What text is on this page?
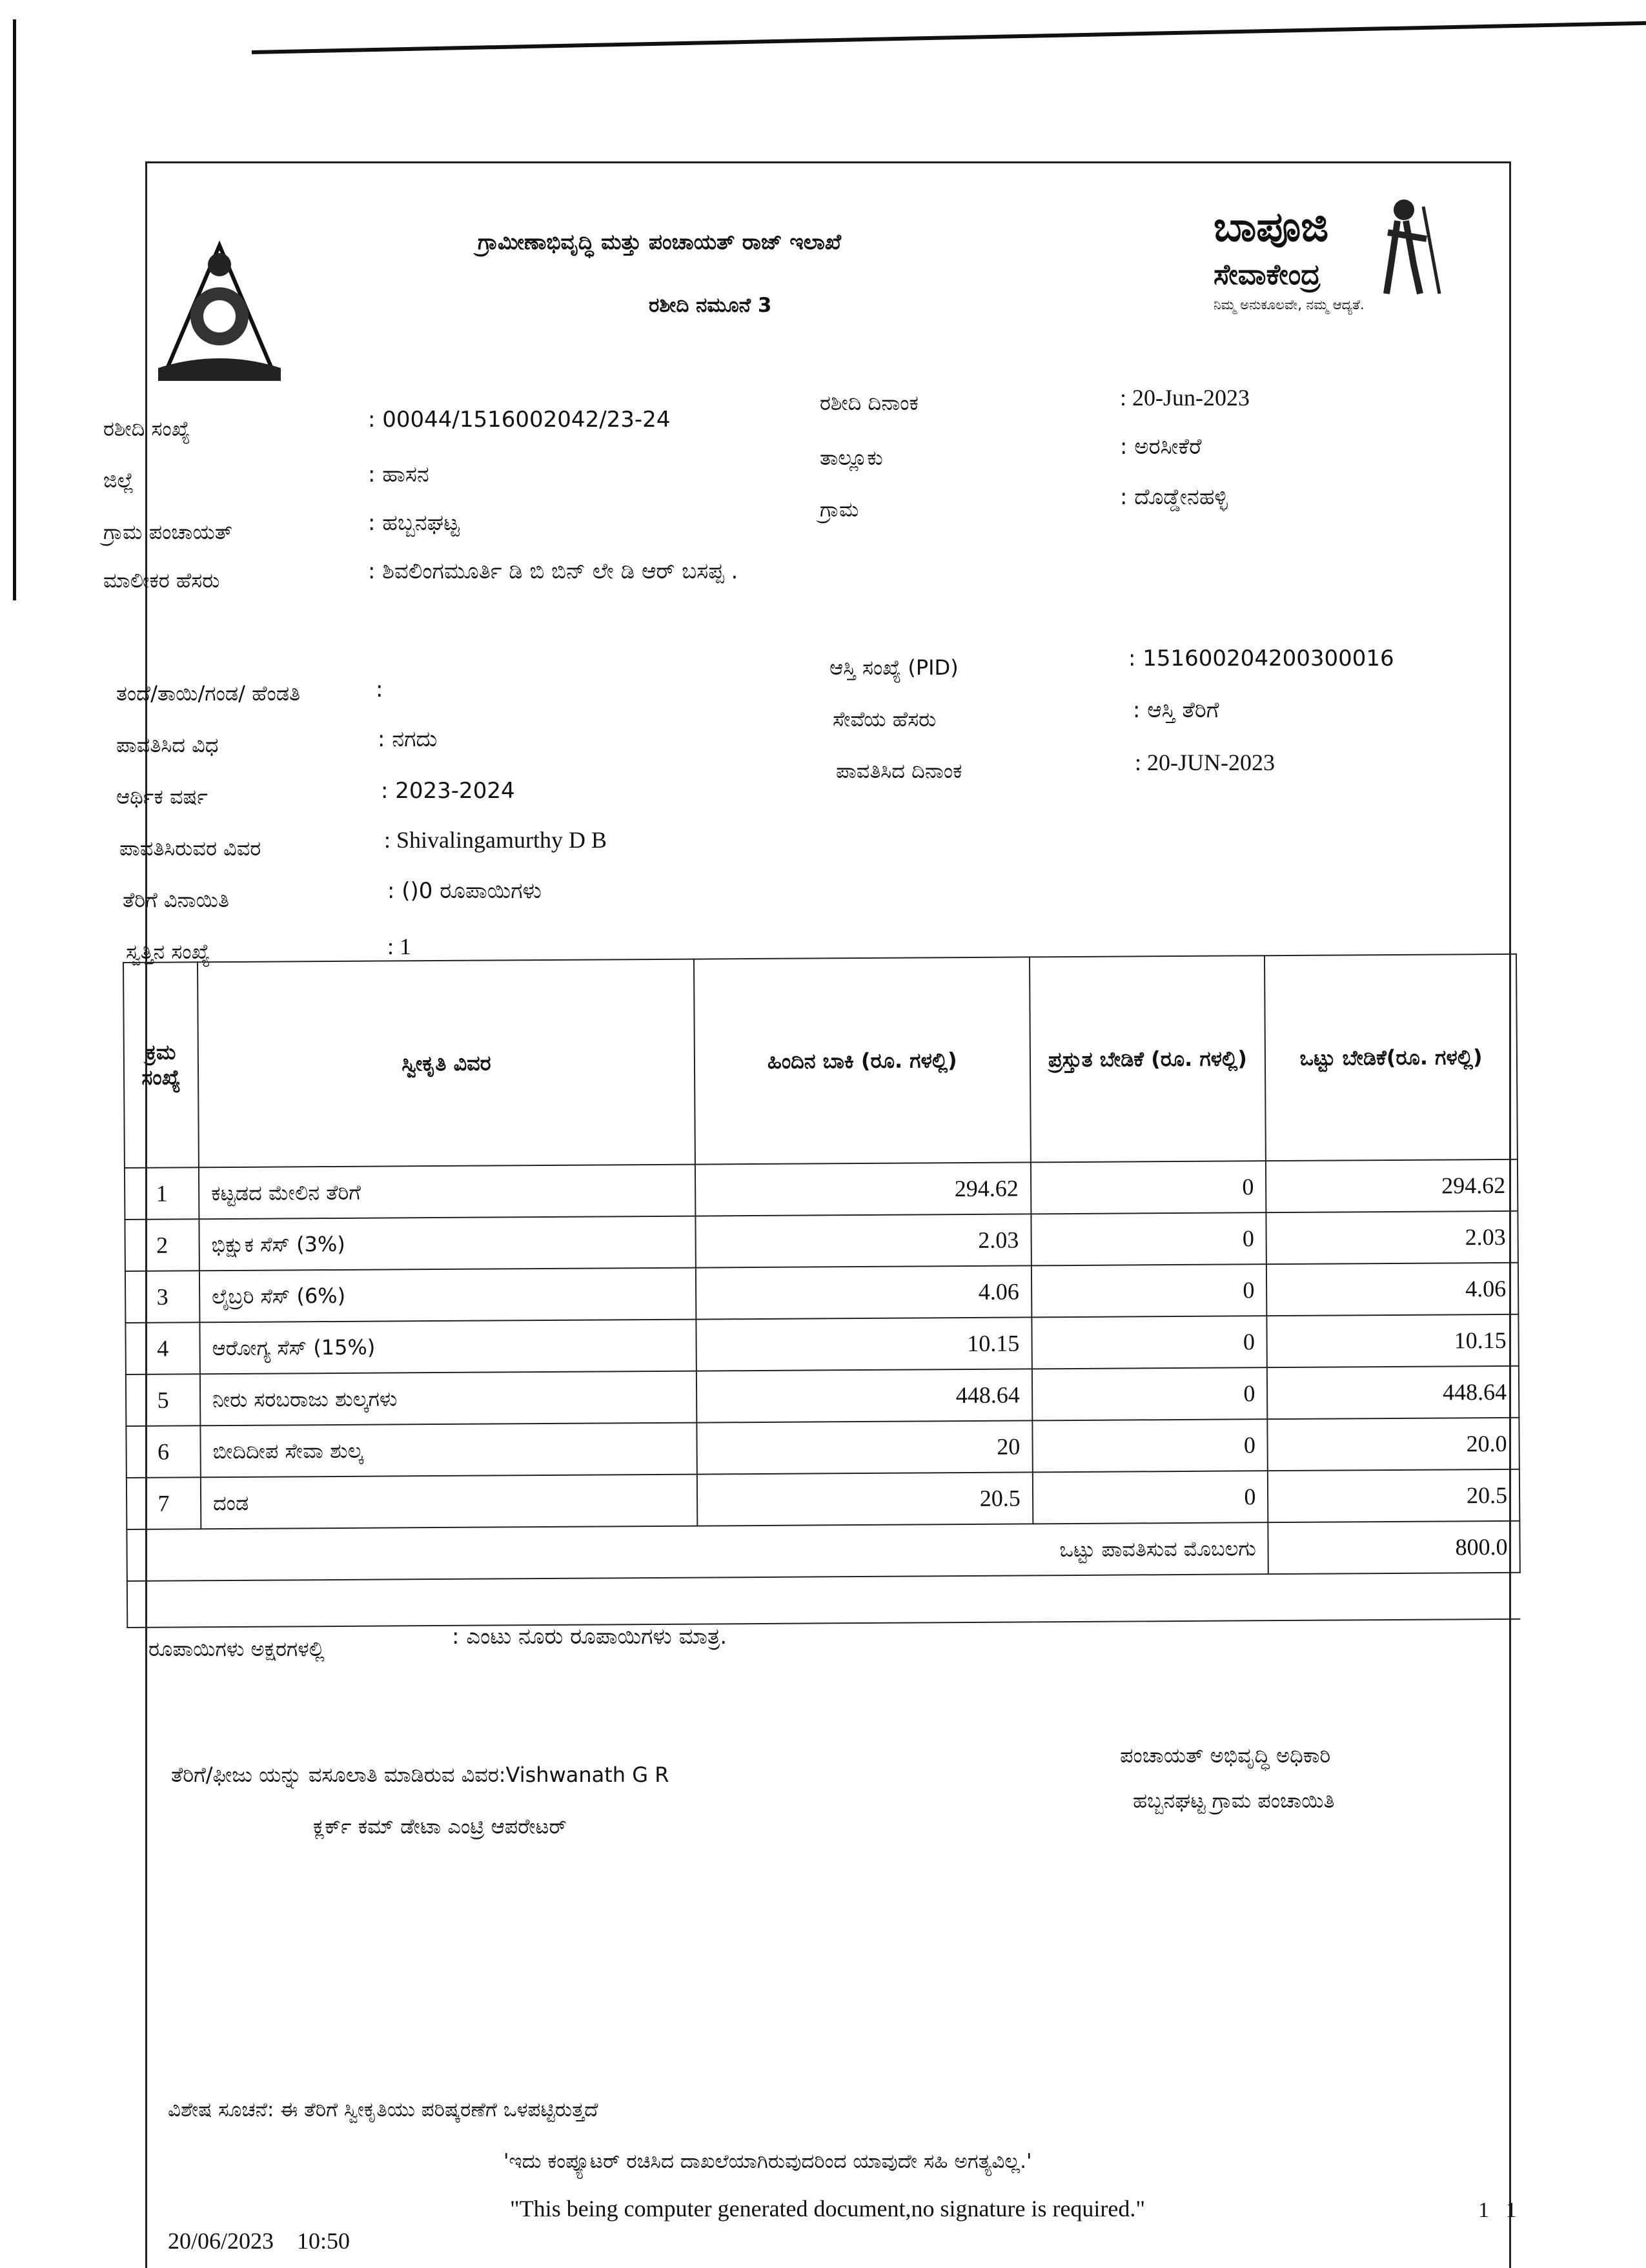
ಗ್ರಾಮೀಣಾಭಿವೃದ್ಧಿ ಮತ್ತು ಪಂಚಾಯತ್ ರಾಜ್ ಇಲಾಖೆ
ರಶೀದಿ ನಮೂನೆ 3
ಬಾಪೂಜಿ
ಸೇವಾಕೇಂದ್ರ
ನಿಮ್ಮ ಅನುಕೂಲವೇ, ನಮ್ಮ ಆದ್ಯತೆ.
ರಶೀದಿ ಸಂಖ್ಯೆ	: 00044/1516002042/23-24
ಜಿಲ್ಲೆ	: ಹಾಸನ
ಗ್ರಾಮ ಪಂಚಾಯತ್	: ಹಬ್ಬನಘಟ್ಟ
ಮಾಲೀಕರ ಹೆಸರು	: ಶಿವಲಿಂಗಮೂರ್ತಿ ಡಿ ಬಿ ಬಿನ್ ಲೇ ಡಿ ಆರ್ ಬಸಪ್ಪ .
ತಂದೆ/ತಾಯಿ/ಗಂಡ/ ಹೆಂಡತಿ	:
ಪಾವತಿಸಿದ ವಿಧ	: ನಗದು
ಆರ್ಥಿಕ ವರ್ಷ	: 2023-2024
ಪಾವತಿಸಿರುವರ ವಿವರ	: Shivalingamurthy D B
ತೆರಿಗೆ ವಿನಾಯಿತಿ	: ()0 ರೂಪಾಯಿಗಳು
ಸ್ವತ್ತಿನ ಸಂಖ್ಯೆ	: 1
ರಶೀದಿ ದಿನಾಂಕ	: 20-Jun-2023
ತಾಲ್ಲೂಕು	: ಅರಸೀಕೆರೆ
ಗ್ರಾಮ	: ದೊಡ್ಡೇನಹಳ್ಳಿ
ಆಸ್ತಿ ಸಂಖ್ಯೆ (PID)	: 151600204200300016
ಸೇವೆಯ ಹೆಸರು	: ಆಸ್ತಿ ತೆರಿಗೆ
ಪಾವತಿಸಿದ ದಿನಾಂಕ	: 20-JUN-2023
ಕ್ರಮ ಸಂಖ್ಯೆ	ಸ್ವೀಕೃತಿ ವಿವರ	ಹಿಂದಿನ ಬಾಕಿ (ರೂ. ಗಳಲ್ಲಿ)	ಪ್ರಸ್ತುತ ಬೇಡಿಕೆ (ರೂ. ಗಳಲ್ಲಿ)	ಒಟ್ಟು ಬೇಡಿಕೆ(ರೂ. ಗಳಲ್ಲಿ)
1	ಕಟ್ಟಡದ ಮೇಲಿನ ತೆರಿಗೆ	294.62	0	294.62
2	ಭಿಕ್ಷುಕ ಸೆಸ್ (3%)	2.03	0	2.03
3	ಲೈಬ್ರರಿ ಸೆಸ್ (6%)	4.06	0	4.06
4	ಆರೋಗ್ಯ ಸೆಸ್ (15%)	10.15	0	10.15
5	ನೀರು ಸರಬರಾಜು ಶುಲ್ಕಗಳು	448.64	0	448.64
6	ಬೀದಿದೀಪ ಸೇವಾ ಶುಲ್ಕ	20	0	20.0
7	ದಂಡ	20.5	0	20.5
ಒಟ್ಟು ಪಾವತಿಸುವ ಮೊಬಲಗು				800.0

ರೂಪಾಯಿಗಳು ಅಕ್ಷರಗಳಲ್ಲಿ	: ಎಂಟು ನೂರು ರೂಪಾಯಿಗಳು ಮಾತ್ರ.
ತೆರಿಗೆ/ಫೀಜು ಯನ್ನು ವಸೂಲಾತಿ ಮಾಡಿರುವ ವಿವರ:Vishwanath G R
ಕ್ಲರ್ಕ್ ಕಮ್ ಡೇಟಾ ಎಂಟ್ರಿ ಆಪರೇಟರ್
ಪಂಚಾಯತ್ ಅಭಿವೃದ್ಧಿ ಅಧಿಕಾರಿ
ಹಬ್ಬನಘಟ್ಟ ಗ್ರಾಮ ಪಂಚಾಯಿತಿ
ವಿಶೇಷ ಸೂಚನೆ: ಈ ತೆರಿಗೆ ಸ್ವೀಕೃತಿಯು ಪರಿಷ್ಕರಣೆಗೆ ಒಳಪಟ್ಟಿರುತ್ತದೆ
'ಇದು ಕಂಪ್ಯೂಟರ್ ರಚಿಸಿದ ದಾಖಲೆಯಾಗಿರುವುದರಿಂದ ಯಾವುದೇ ಸಹಿ ಅಗತ್ಯವಿಲ್ಲ.'
"This being computer generated document,no signature is required."
20/06/2023    10:50
1   1
